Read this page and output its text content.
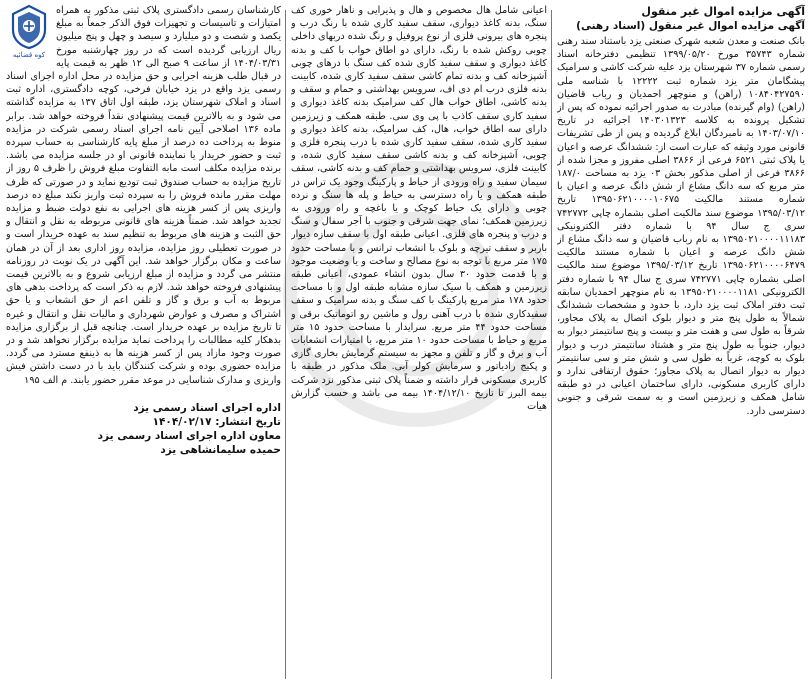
آگهی مزایده اموال غیر منقول

آگهی مزایده اموال غیر منقول (اسناد رهنی)

بانک صنعت و معدن شعبه شهرک صنعتی یزد باستناد سند رهنی شماره ۳۵۷۴۳ مورخ ۱۳۹۹/۰۵/۲۰ تنظیمی دفترخانه اسناد رسمی شماره ۳۷ شهرستان یزد علیه شرکت کاشی و سرامیک پیشگامان متر یزد شماره ثبت ۱۲۲۲۲ با شناسه ملی ۱۰۸۴۰۴۲۷۵۹۰ (راهن) و منوچهر احمدیان و رباب قاضیان (راهن) (وام گیرنده) مبادرت به صدور اجرائیه نموده که پس از تشکیل پرونده به کلاسه ۱۴۰۳۰۱۳۲۳ اجرائیه در تاریخ ۱۴۰۳/۰۷/۱۰ به نامبردگان ابلاغ گردیده و پس از طی تشریفات قانونی مورد وثیقه که عبارت است از: ششدانگ عرصه و اعیان یا پلاک ثبتی ۶۵۲۱ فرعی از ۳۸۶۶ اصلی مفروز و مجزا شده از ۳۸۶۶ فرعی از اصلی مذکور بخش ۰۳ یزد به مساحت ۱۸۷/۰ متر مربع که سه دانگ مشاع از شش دانگ عرصه و اعیان با شماره مستند مالکیت ۱۳۹۵۰۶۲۱۰۰۰۰۱۰۶۷۵ تاریخ ۱۳۹۵/۰۳/۱۲ موضوع سند مالکیت اصلی بشماره چاپی ۷۴۲۷۷۲ سری ج سال ۹۴ با شماره دفتر الکترونیکی ۱۳۹۵۰۲۱۰۰۰۰۱۱۱۸۳ به نام رباب قاضیان و سه دانگ مشاع از شش دانگ عرصه و اعیان با شماره مستند مالکیت ۱۳۹۵۰۶۲۱۰۰۰۰۶۴۷۹ تاریخ ۱۳۹۵/۰۳/۱۲ موضوع سند مالکیت اصلی بشماره چاپی ۷۴۲۷۷۱ سری ج سال ۹۴ با شماره دفتر الکترونیکی ۱۳۹۵۰۲۱۰۰۰۰۱۱۸۱ به نام منوچهر احمدیان سابقه ثبت دفتر املاک ثبت یزد دارد، با حدود و مشخصات ششدانگ شمالاً به طول پنج متر و دیوار بلوک اتصال به پلاک مجاور، شرقاً به طول سی و هفت متر و بیست و پنج سانتیمتر دیوار به دیوار، جنوباً به طول پنج متر و هشتاد سانتیمتر درب و دیوار بلوک به کوچه، غرباً به طول سی و شش متر و سی سانتیمتر دیوار به دیوار اتصال به پلاک مجاور؛ حقوق ارتفاقی ندارد و دارای کاربری مسکونی، دارای ساختمان اعیانی در دو طبقه شامل همکف و زیرزمین است و به سمت شرقی و جنوبی دسترسی دارد.

اعیانی شامل هال مخصوص و هال و پذیرایی و ناهار خوری کف سنگ، بدنه کاغذ دیواری، سقف سفید کاری شده با رنگ درب و پنجره های بیرونی فلزی از نوع پروفیل و رنگ شده دربهای داخلی چوبی روکش شده با رنگ، دارای دو اطاق خواب با کف و بدنه کاغذ دیواری و سقف سفید کاری شده کف سنگ با درهای چوبی آشپزخانه کف و بدنه تمام کاشی سقف سفید کاری شده، کابینت بدنه فلزی درب ام دی اف، سرویس بهداشتی و حمام و سقف و بدنه کاشی، اطاق خواب هال کف سرامیک بدنه کاغذ دیواری و سفید کاری سقف کاذب با پی وی سی. طبقه همکف و زیرزمین دارای سه اطاق خواب، هال، کف سرامیک، بدنه کاغذ دیواری و سفید کاری شده، سقف سفید کاری شده با درب پنجره فلزی و چوبی، آشپزخانه کف و بدنه کاشی سقف سفید کاری شده، و کابینت فلزی، سرویس بهداشتی و حمام کف و بدنه کاشی، سقف سیمان سفید و راه ورودی از حیاط و پارکینگ وجود یک تراس در طبقه همکف و یا راه دسترسی به حیاط و پله ها سنگ و نرده چوبی و دارای یک حیاط کوچک و یا باغچه و راه ورودی به زیرزمین همکف؛ نمای جهت شرقی و جنوب با آجر سفال و سنگ و درب و پنجره های فلزی. اعیانی طبقه اول با سقف سازه دیوار باربر و سقف تیرچه و بلوک با انشعاب ترانس و با مساحت حدود ۱۷۵ متر مربع با توجه به نوع مصالح و ساخت و یا وضعیت موجود و با قدمت حدود ۳۰ سال بدون انشاء عمودی، اعیانی طبقه زیرزمین و همکف با سیک سازه مشابه طبقه اول و با مساحت حدود ۱۷۸ متر مربع پارکینگ با کف سنگ و بدنه سرامیک و سقف سفیدکاری شده با درب آهنی رول و ماشین رو اتوماتیک برقی و مساحت حدود ۴۴ متر مربع. سرایدار با مساحت حدود ۱۵ متر مربع و حیاط با مساحت حدود ۱۰ متر مربع، با امتیازات انشعابات آب و برق و گاز و تلفن و مجهز به سیستم گرمایش بخاری گازی و پکیج رادیاتور و سرمایش کولر آبی. ملک مذکور در طبقه با کاربری مسکونی قرار داشته و ضمناً پلاک ثبتی مذکور نزد شرکت بیمه البرز تا تاریخ ۱۴۰۴/۱۲/۱۰ بیمه می باشد و حسب گزارش هیات

کوه قضائیه

کارشناسان رسمی دادگستری پلاک ثبتی مذکور به همراه امتیازات و تاسیسات و تجهیزات فوق الذکر جمعاً به مبلغ یکصد و شصت و دو میلیارد و سیصد و چهل و پنج میلیون ریال ارزیابی گردیده است که در روز چهارشنبه مورخ ۱۴۰۴/۰۳/۳۱ از ساعت ۹ صبح الی ۱۲ ظهر به قیمت پایه در قبال طلب هزینه اجرایی و حق مزایده در محل اداره اجرای اسناد رسمی یزد واقع در یزد خیابان فرخی، کوچه دادگستری، اداره ثبت اسناد و املاک شهرستان یزد، طبقه اول اتاق ۱۳۷ به مزایده گذاشته می شود و به بالاترین قیمت پیشنهادی نقداً فروخته خواهد شد. برابر ماده ۱۳۶ اصلاحی آیین نامه اجرای اسناد رسمی شرکت در مزایده منوط به پرداخت ده درصد از مبلغ پایه کارشناسی به حساب سپرده ثبت و حضور خریدار یا نماینده قانونی او در جلسه مزایده می باشد. برنده مزایده مکلف است مابه التفاوت مبلغ فروش را ظرف ۵ روز از تاریخ مزایده به حساب صندوق ثبت تودیع نماید و در صورتی که ظرف مهلت مقرر مانده فروش را به سپرده ثبت واریز نکند مبلغ ده درصد واریزی پس از کسر هزینه های اجرایی به نفع دولت ضبط و مزایده تجدید خواهد شد. ضمناً هزینه های قانونی مربوطه به نقل و انتقال و حق الثبت و هزینه های مربوط به تنظیم سند به عهده خریدار است و در صورت تعطیلی روز مزایده، مزایده روز اداری بعد از آن در همان ساعت و مکان برگزار خواهد شد. این آگهی در یک نوبت در روزنامه منتشر می گردد و مزایده از مبلغ ارزیابی شروع و به بالاترین قیمت پیشنهادی فروخته خواهد شد. لازم به ذکر است که پرداخت بدهی های مربوط به آب و برق و گاز و تلفن اعم از حق انشعاب و یا حق اشتراک و مصرف و عوارض شهرداری و مالیات نقل و انتقال و غیره تا تاریخ مزایده بر عهده خریدار است. چنانچه قبل از برگزاری مزایده بدهکار کلیه مطالبات را پرداخت نماید مزایده برگزار نخواهد شد و در صورت وجود مازاد پس از کسر هزینه ها به ذینفع مسترد می گردد. مزایده حضوری بوده و شرکت کنندگان باید با در دست داشتن فیش واریزی و مدارک شناسایی در موعد مقرر حضور یابند. م الف ۱۹۵

اداره اجرای اسناد رسمی یزد
تاریخ انتشار: ۱۴۰۴/۰۲/۱۷
معاون اداره اجرای اسناد رسمی یزد
حمیده سلیمانشاهی یزد
